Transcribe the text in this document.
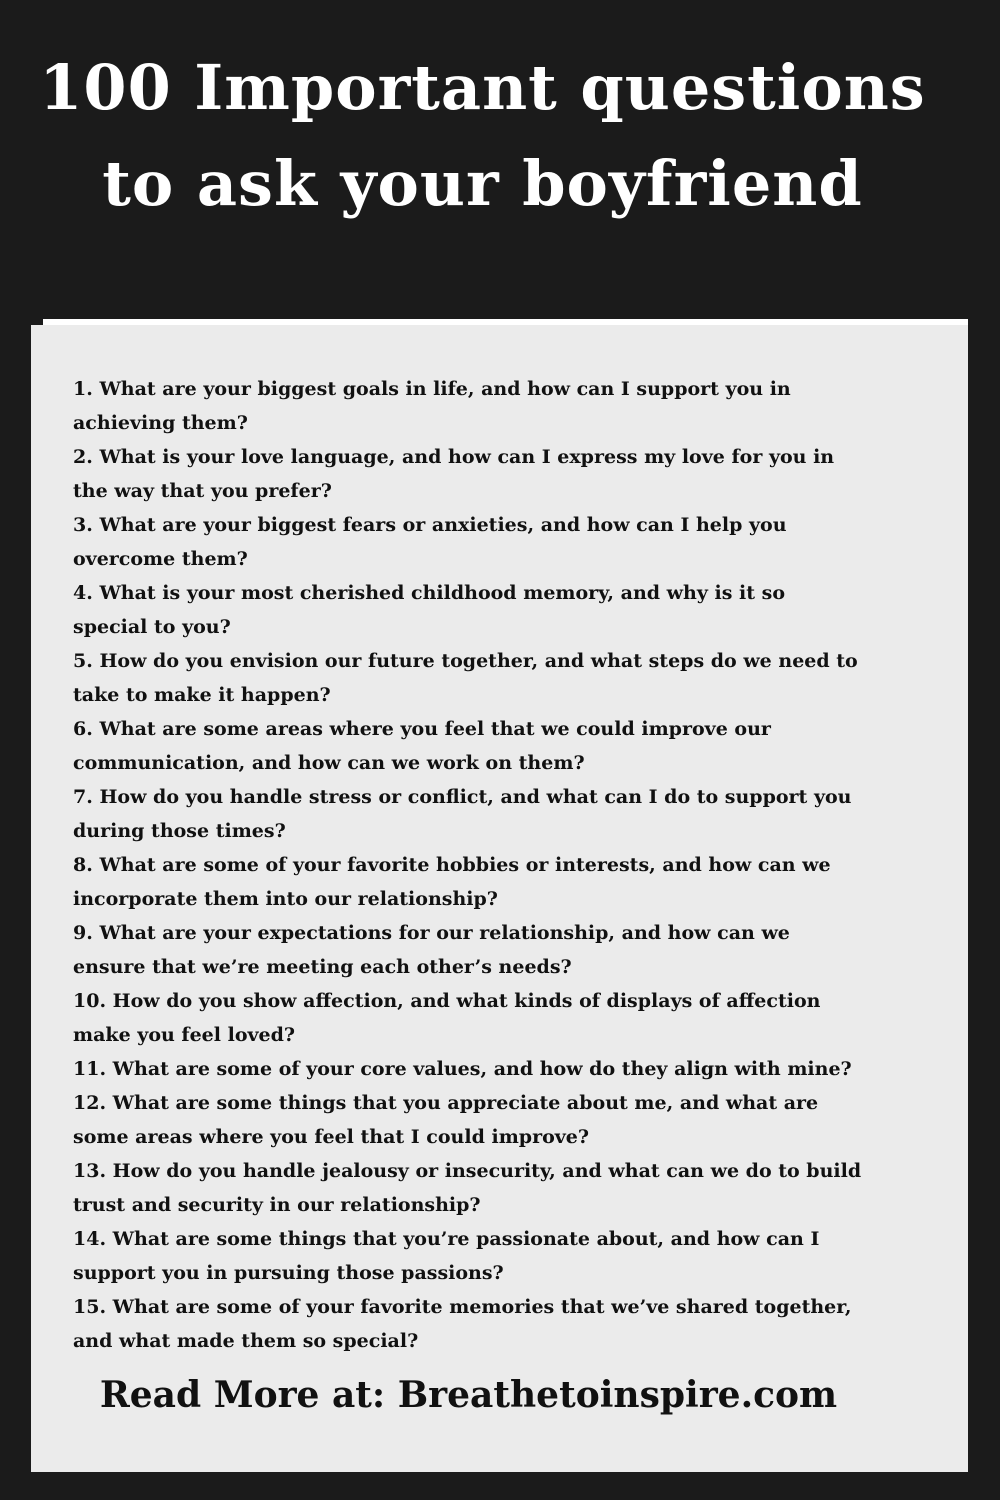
100 Important questions
to ask your boyfriend
1. What are your biggest goals in life, and how can I support you in
achieving them?
2. What is your love language, and how can I express my love for you in
the way that you prefer?
3. What are your biggest fears or anxieties, and how can I help you
overcome them?
4. What is your most cherished childhood memory, and why is it so
special to you?
5. How do you envision our future together, and what steps do we need to
take to make it happen?
6. What are some areas where you feel that we could improve our
communication, and how can we work on them?
7. How do you handle stress or conflict, and what can I do to support you
during those times?
8. What are some of your favorite hobbies or interests, and how can we
incorporate them into our relationship?
9. What are your expectations for our relationship, and how can we
ensure that we’re meeting each other’s needs?
10. How do you show affection, and what kinds of displays of affection
make you feel loved?
11. What are some of your core values, and how do they align with mine?
12. What are some things that you appreciate about me, and what are
some areas where you feel that I could improve?
13. How do you handle jealousy or insecurity, and what can we do to build
trust and security in our relationship?
14. What are some things that you’re passionate about, and how can I
support you in pursuing those passions?
15. What are some of your favorite memories that we’ve shared together,
and what made them so special?
Read More at: Breathetoinspire.com
